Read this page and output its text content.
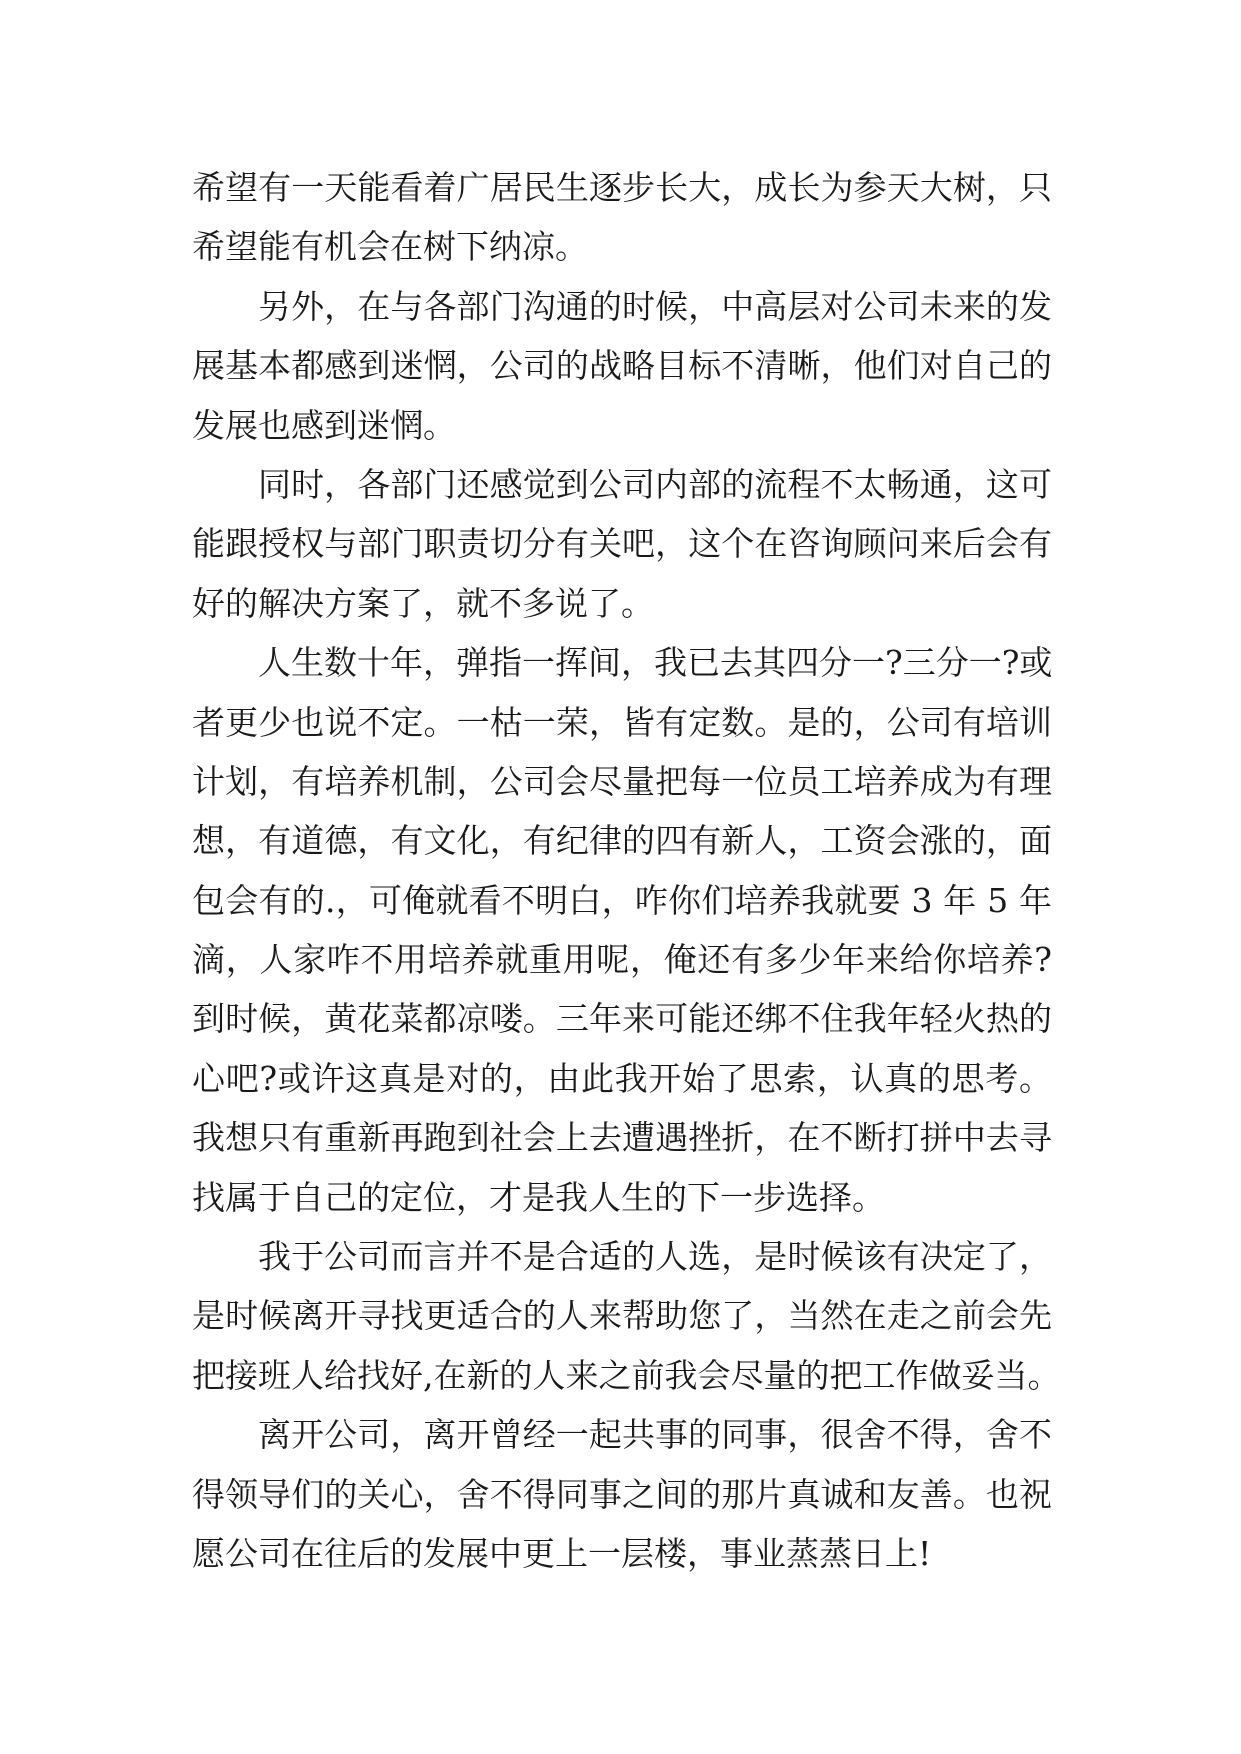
希望有一天能看着广居民生逐步长大，成长为参天大树，只
希望能有机会在树下纳凉。
另外，在与各部门沟通的时候，中高层对公司未来的发
展基本都感到迷惘，公司的战略目标不清晰，他们对自己的
发展也感到迷惘。
同时，各部门还感觉到公司内部的流程不太畅通，这可
能跟授权与部门职责切分有关吧，这个在咨询顾问来后会有
好的解决方案了，就不多说了。
人生数十年，弹指一挥间，我已去其四分一?三分一?或
者更少也说不定。一枯一荣，皆有定数。是的，公司有培训
计划，有培养机制，公司会尽量把每一位员工培养成为有理
想，有道德，有文化，有纪律的四有新人，工资会涨的，面
包会有的.，可俺就看不明白，咋你们培养我就要 3 年 5 年
滴，人家咋不用培养就重用呢，俺还有多少年来给你培养?
到时候，黄花菜都凉喽。三年来可能还绑不住我年轻火热的
心吧?或许这真是对的，由此我开始了思索，认真的思考。
我想只有重新再跑到社会上去遭遇挫折，在不断打拼中去寻
找属于自己的定位，才是我人生的下一步选择。
我于公司而言并不是合适的人选，是时候该有决定了，
是时候离开寻找更适合的人来帮助您了，当然在走之前会先
把接班人给找好,在新的人来之前我会尽量的把工作做妥当。
离开公司，离开曾经一起共事的同事，很舍不得，舍不
得领导们的关心，舍不得同事之间的那片真诚和友善。也祝
愿公司在往后的发展中更上一层楼，事业蒸蒸日上!
